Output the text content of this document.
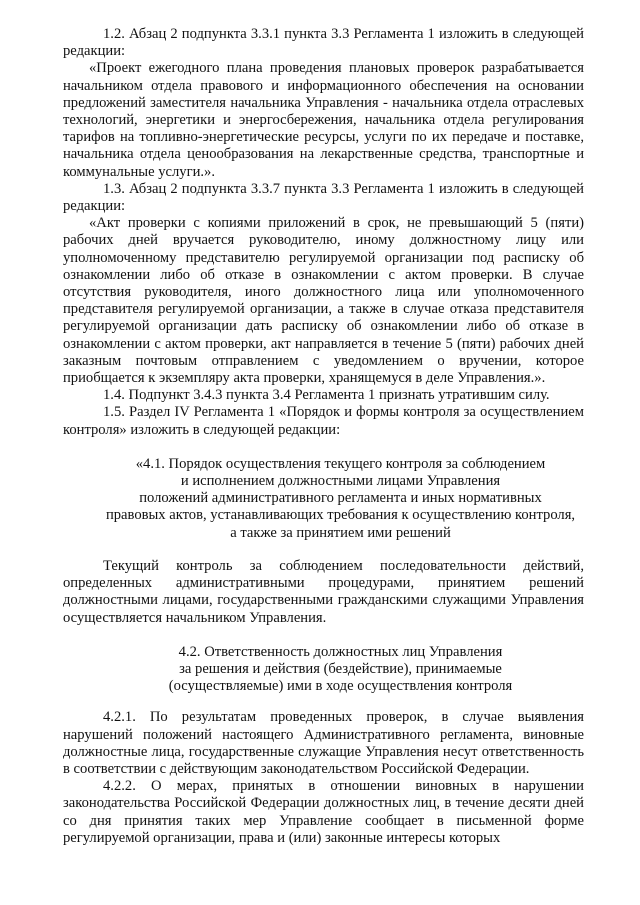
1.2. Абзац 2 подпункта 3.3.1 пункта 3.3 Регламента 1 изложить в следующей редакции:

«Проект ежегодного плана проведения плановых проверок разрабатывается начальником отдела правового и информационного обеспечения на основании предложений заместителя начальника Управления - начальника отдела отраслевых технологий, энергетики и энергосбережения, начальника отдела регулирования тарифов на топливно-энергетические ресурсы, услуги по их передаче и поставке, начальника отдела ценообразования на лекарственные средства, транспортные и коммунальные услуги.».

1.3. Абзац 2 подпункта 3.3.7 пункта 3.3 Регламента 1 изложить в следующей редакции:

«Акт проверки с копиями приложений в срок, не превышающий 5 (пяти) рабочих дней вручается руководителю, иному должностному лицу или уполномоченному представителю регулируемой организации под расписку об ознакомлении либо об отказе в ознакомлении с актом проверки. В случае отсутствия руководителя, иного должностного лица или уполномоченного представителя регулируемой организации, а также в случае отказа представителя регулируемой организации дать расписку об ознакомлении либо об отказе в ознакомлении с актом проверки, акт направляется в течение 5 (пяти) рабочих дней заказным почтовым отправлением с уведомлением о вручении, которое приобщается к экземпляру акта проверки, хранящемуся в деле Управления.».

1.4. Подпункт 3.4.3 пункта 3.4 Регламента 1 признать утратившим силу.

1.5. Раздел IV Регламента 1 «Порядок и формы контроля за осуществлением контроля» изложить в следующей редакции:

«4.1. Порядок осуществления текущего контроля за соблюдением
и исполнением должностными лицами Управления
положений административного регламента и иных нормативных
правовых актов, устанавливающих требования к осуществлению контроля,
а также за принятием ими решений

Текущий контроль за соблюдением последовательности действий, определенных административными процедурами, принятием решений должностными лицами, государственными гражданскими служащими Управления осуществляется начальником Управления.

4.2. Ответственность должностных лиц Управления
за решения и действия (бездействие), принимаемые
(осуществляемые) ими в ходе осуществления контроля

4.2.1. По результатам проведенных проверок, в случае выявления нарушений положений настоящего Административного регламента, виновные должностные лица, государственные служащие Управления несут ответственность в соответствии с действующим законодательством Российской Федерации.

4.2.2. О мерах, принятых в отношении виновных в нарушении законодательства Российской Федерации должностных лиц, в течение десяти дней со дня принятия таких мер Управление сообщает в письменной форме регулируемой организации, права и (или) законные интересы которых
